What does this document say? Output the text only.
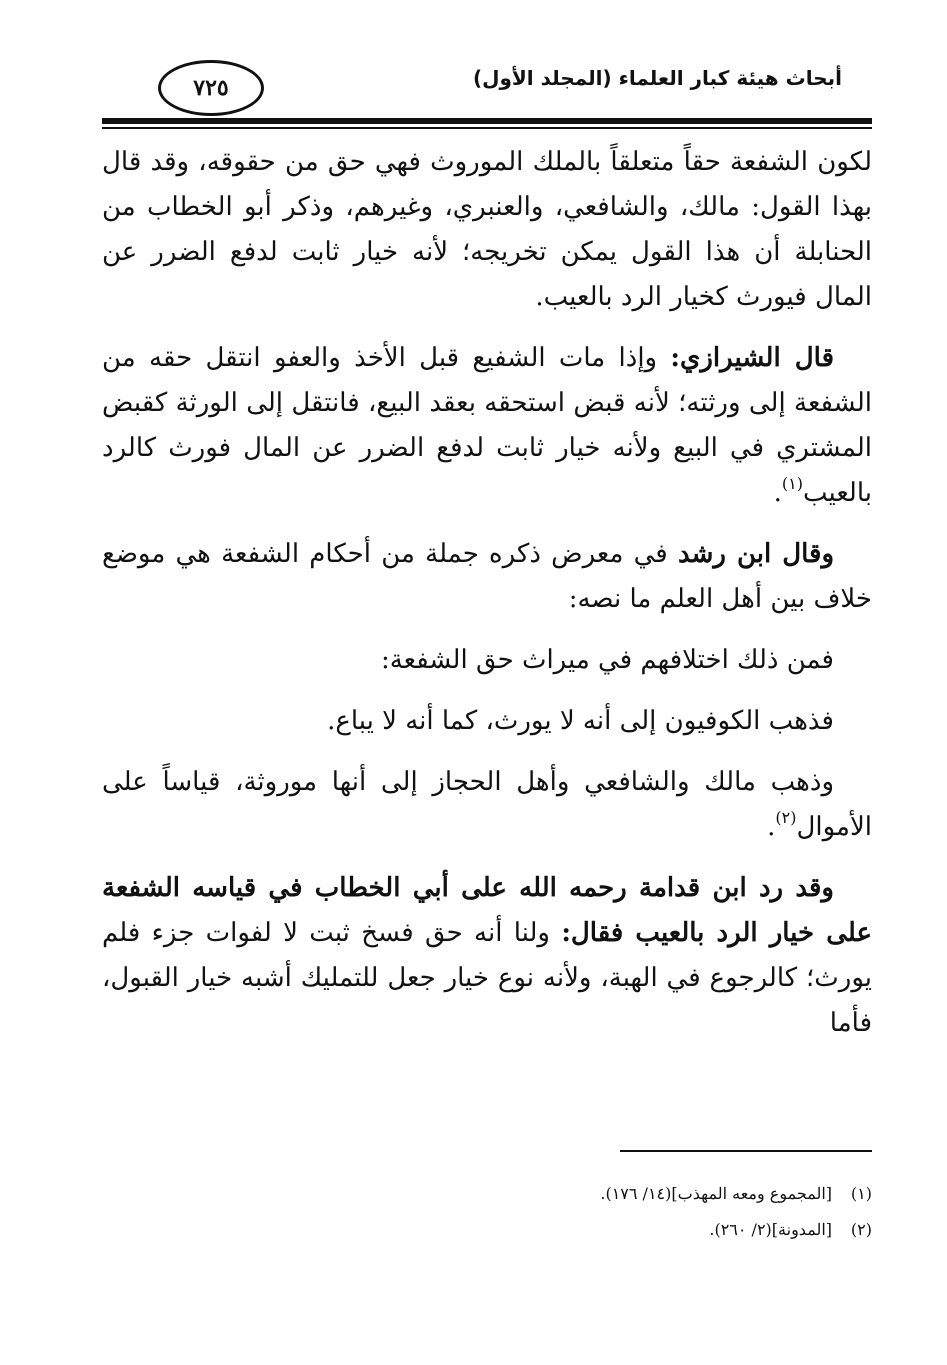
أبحاث هيئة كبار العلماء (المجلد الأول)
٧٢٥

لكون الشفعة حقاً متعلقاً بالملك الموروث فهي حق من حقوقه، وقد قال بهذا القول: مالك، والشافعي، والعنبري، وغيرهم، وذكر أبو الخطاب من الحنابلة أن هذا القول يمكن تخريجه؛ لأنه خيار ثابت لدفع الضرر عن المال فيورث كخيار الرد بالعيب.

قال الشيرازي: وإذا مات الشفيع قبل الأخذ والعفو انتقل حقه من الشفعة إلى ورثته؛ لأنه قبض استحقه بعقد البيع، فانتقل إلى الورثة كقبض المشتري في البيع ولأنه خيار ثابت لدفع الضرر عن المال فورث كالرد بالعيب$^{(١)}$.

وقال ابن رشد في معرض ذكره جملة من أحكام الشفعة هي موضع خلاف بين أهل العلم ما نصه:

فمن ذلك اختلافهم في ميراث حق الشفعة:

فذهب الكوفيون إلى أنه لا يورث، كما أنه لا يباع.

وذهب مالك والشافعي وأهل الحجاز إلى أنها موروثة، قياساً على الأموال$^{(٢)}$.

وقد رد ابن قدامة رحمه الله على أبي الخطاب في قياسه الشفعة على خيار الرد بالعيب فقال: ولنا أنه حق فسخ ثبت لا لفوات جزء فلم يورث؛ كالرجوع في الهبة، ولأنه نوع خيار جعل للتمليك أشبه خيار القبول، فأما

(١)[المجموع ومعه المهذب](١٤/ ١٧٦).
(٢)[المدونة](٢/ ٢٦٠).
